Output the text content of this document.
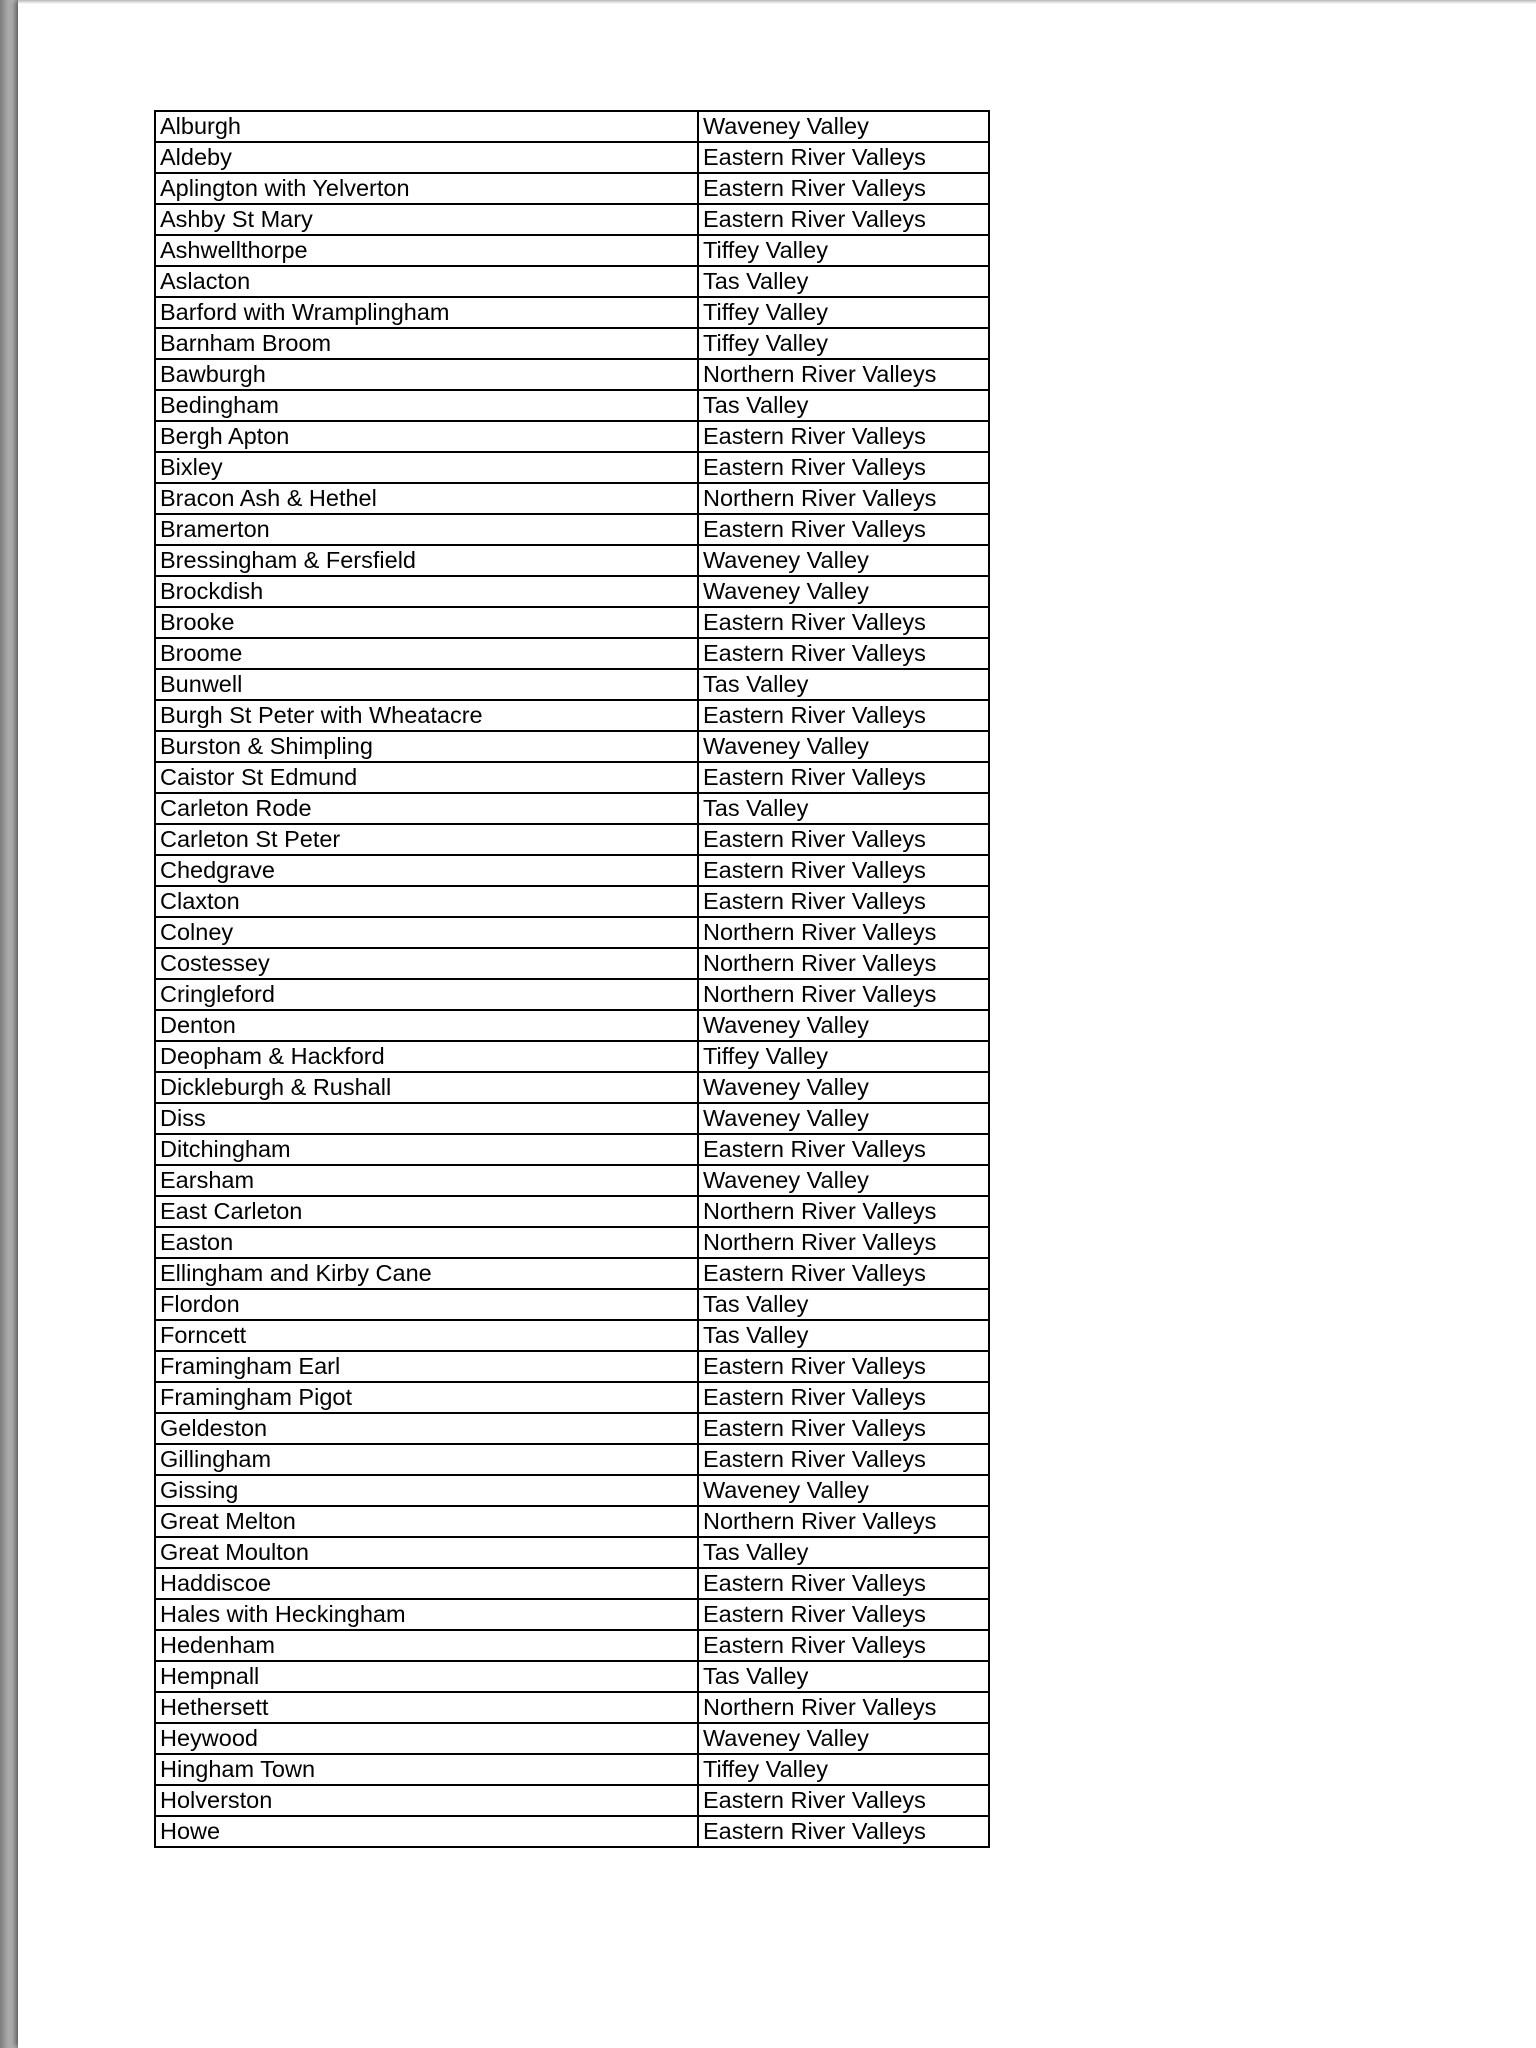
Alburgh	Waveney Valley
Aldeby	Eastern River Valleys
Aplington with Yelverton	Eastern River Valleys
Ashby St Mary	Eastern River Valleys
Ashwellthorpe	Tiffey Valley
Aslacton	Tas Valley
Barford with Wramplingham	Tiffey Valley
Barnham Broom	Tiffey Valley
Bawburgh	Northern River Valleys
Bedingham	Tas Valley
Bergh Apton	Eastern River Valleys
Bixley	Eastern River Valleys
Bracon Ash & Hethel	Northern River Valleys
Bramerton	Eastern River Valleys
Bressingham & Fersfield	Waveney Valley
Brockdish	Waveney Valley
Brooke	Eastern River Valleys
Broome	Eastern River Valleys
Bunwell	Tas Valley
Burgh St Peter with Wheatacre	Eastern River Valleys
Burston & Shimpling	Waveney Valley
Caistor St Edmund	Eastern River Valleys
Carleton Rode	Tas Valley
Carleton St Peter	Eastern River Valleys
Chedgrave	Eastern River Valleys
Claxton	Eastern River Valleys
Colney	Northern River Valleys
Costessey	Northern River Valleys
Cringleford	Northern River Valleys
Denton	Waveney Valley
Deopham & Hackford	Tiffey Valley
Dickleburgh & Rushall	Waveney Valley
Diss	Waveney Valley
Ditchingham	Eastern River Valleys
Earsham	Waveney Valley
East Carleton	Northern River Valleys
Easton	Northern River Valleys
Ellingham and Kirby Cane	Eastern River Valleys
Flordon	Tas Valley
Forncett	Tas Valley
Framingham Earl	Eastern River Valleys
Framingham Pigot	Eastern River Valleys
Geldeston	Eastern River Valleys
Gillingham	Eastern River Valleys
Gissing	Waveney Valley
Great Melton	Northern River Valleys
Great Moulton	Tas Valley
Haddiscoe	Eastern River Valleys
Hales with Heckingham	Eastern River Valleys
Hedenham	Eastern River Valleys
Hempnall	Tas Valley
Hethersett	Northern River Valleys
Heywood	Waveney Valley
Hingham Town	Tiffey Valley
Holverston	Eastern River Valleys
Howe	Eastern River Valleys
